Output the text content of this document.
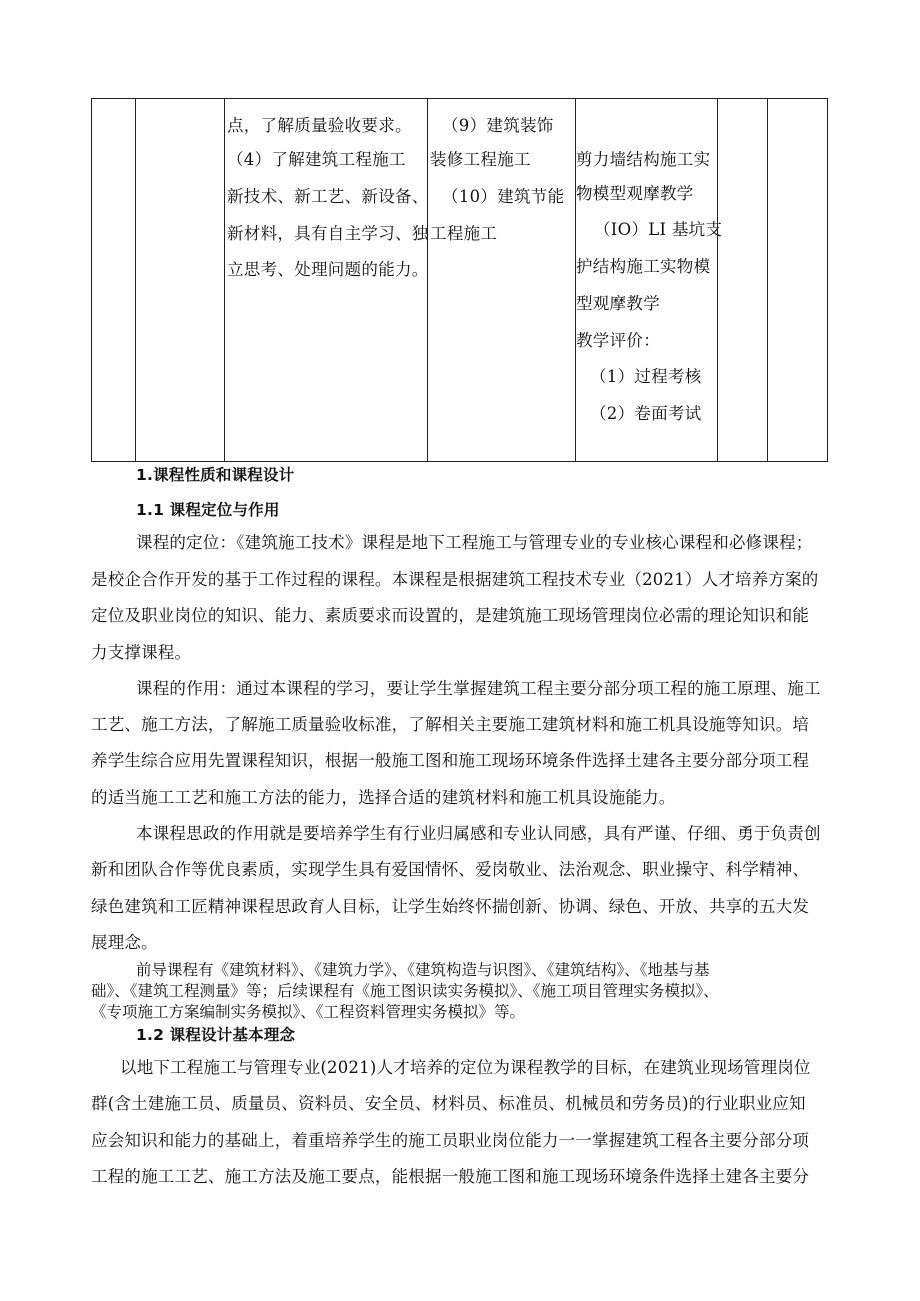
点，了解质量验收要求。
（4）了解建筑工程施工
新技术、新工艺、新设备、
新材料，具有自主学习、独
立思考、处理问题的能力。
（9）建筑装饰
装修工程施工
（10）建筑节能
工程施工
剪力墙结构施工实
物模型观摩教学
（IO）LI 基坑支
护结构施工实物模
型观摩教学
教学评价：
（1）过程考核
（2）卷面考试
1.课程性质和课程设计
1.1 课程定位与作用
课程的定位：《建筑施工技术》课程是地下工程施工与管理专业的专业核心课程和必修课程；
是校企合作开发的基于工作过程的课程。本课程是根据建筑工程技术专业（2021）人才培养方案的
定位及职业岗位的知识、能力、素质要求而设置的，是建筑施工现场管理岗位必需的理论知识和能
力支撑课程。
课程的作用：通过本课程的学习，要让学生掌握建筑工程主要分部分项工程的施工原理、施工
工艺、施工方法，了解施工质量验收标准，了解相关主要施工建筑材料和施工机具设施等知识。培
养学生综合应用先置课程知识，根据一般施工图和施工现场环境条件选择土建各主要分部分项工程
的适当施工工艺和施工方法的能力，选择合适的建筑材料和施工机具设施能力。
本课程思政的作用就是要培养学生有行业归属感和专业认同感，具有严谨、仔细、勇于负责创
新和团队合作等优良素质，实现学生具有爱国情怀、爱岗敬业、法治观念、职业操守、科学精神、
绿色建筑和工匠精神课程思政育人目标，让学生始终怀揣创新、协调、绿色、开放、共享的五大发
展理念。
前导课程有《建筑材料》、《建筑力学》、《建筑构造与识图》、《建筑结构》、《地基与基
础》、《建筑工程测量》等；后续课程有《施工图识读实务模拟》、《施工项目管理实务模拟》、
《专项施工方案编制实务模拟》、《工程资料管理实务模拟》等。
1.2 课程设计基本理念
以地下工程施工与管理专业(2021)人才培养的定位为课程教学的目标，在建筑业现场管理岗位
群(含土建施工员、质量员、资料员、安全员、材料员、标准员、机械员和劳务员)的行业职业应知
应会知识和能力的基础上，着重培养学生的施工员职业岗位能力一一掌握建筑工程各主要分部分项
工程的施工工艺、施工方法及施工要点，能根据一般施工图和施工现场环境条件选择土建各主要分
